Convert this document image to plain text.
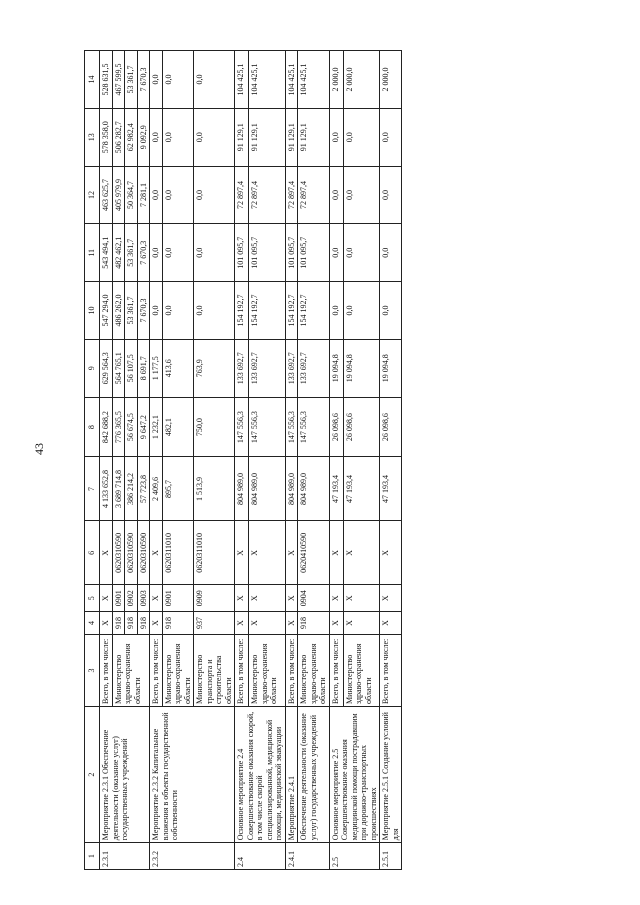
43
1	2	3	4	5	6	7	8	9	10	11	12	13	14
2.3.1	Мероприятие 2.3.1 Обеспечение деятельности (оказание услуг) государственных учреждений	Всего, в том числе:	X	X	X	4 133 652,8	842 688,2	629 564,3	547 294,0	543 494,1	463 625,7	578 358,0	528 631,5
		Министерство здраво-охранения области	918	0901	0620310590	3 689 714,8	776 365,5	564 765,1	486 262,0	482 462,1	405 979,9	506 282,7	467 599,5
			918	0902	0620310590	386 214,2	56 674,5	56 107,5	53 361,7	53 361,7	50 364,7	62 982,4	53 361,7
			918	0903	0620310590	57 723,8	9 647,2	8 691,7	7 670,3	7 670,3	7 281,1	9 092,9	7 670,3
2.3.2	Мероприятие 2.3.2 Капитальные вложения в объекты государственной собственности	Всего, в том числе:	X	X	X	2 409,6	1 232,1	1 177,5	0,0	0,0	0,0	0,0	0,0
		Министерство здраво-охранения области	918	0901	0620311010	895,7	482,1	413,6	0,0	0,0	0,0	0,0	0,0
		Министерство транспорта и строительства области	937	0909	0620311010	1 513,9	750,0	763,9	0,0	0,0	0,0	0,0	0,0
2.4	Основное мероприятие 2.4 Совершенствование оказания скорой, в том числе скорой специализированной, медицинской помощи, медицинской эвакуации	Всего, в том числе:	X	X	X	804 989,0	147 556,3	133 692,7	154 192,7	101 095,7	72 897,4	91 129,1	104 425,1
		Министерство здраво-охранения области	X	X	X	804 989,0	147 556,3	133 692,7	154 192,7	101 095,7	72 897,4	91 129,1	104 425,1
2.4.1	Мероприятие 2.4.1	Всего, в том числе:	X	X	X	804 989,0	147 556,3	133 692,7	154 192,7	101 095,7	72 897,4	91 129,1	104 425,1
	Обеспечение деятельности (оказание услуг) государственных учреждений	Министерство здраво-охранения области	918	0904	0620410590	804 989,0	147 556,3	133 692,7	154 192,7	101 095,7	72 897,4	91 129,1	104 425,1
2.5	Основное мероприятие 2.5 Совершенствование оказания медицинской помощи пострадавшим при дорожно-транспортных происшествиях	Всего, в том числе:	X	X	X	47 193,4	26 098,6	19 094,8	0,0	0,0	0,0	0,0	2 000,0
		Министерство здраво-охранения области	X	X	X	47 193,4	26 098,6	19 094,8	0,0	0,0	0,0	0,0	2 000,0
2.5.1	Мероприятие 2.5.1 Создание условий для	Всего, в том числе:	X	X	X	47 193,4	26 098,6	19 094,8	0,0	0,0	0,0	0,0	2 000,0
